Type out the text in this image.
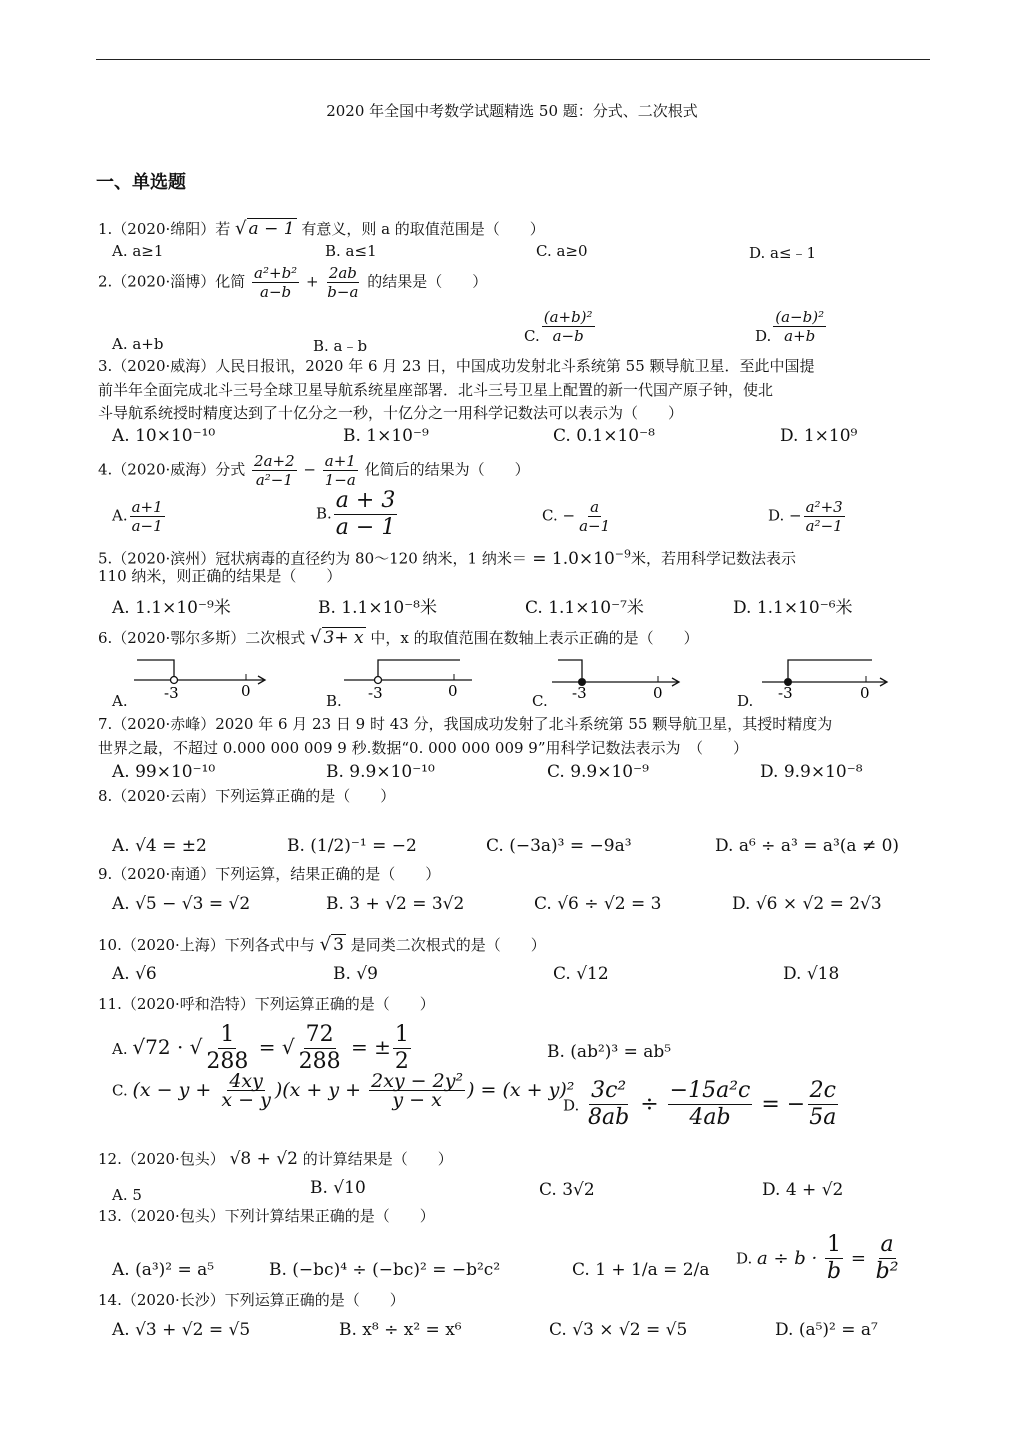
2020 年全国中考数学试题精选 50 题：分式、二次根式
一、单选题
1.（2020·绵阳）若 √ a − 1 有意义，则 a 的取值范围是（　　）
A. a≥1	B. a≤1	C. a≥0	D. a≤﹣1
2.（2020·淄博）化简 $\frac{\text{a²+b²}}{a-b} + \frac{2ab}{b-a}$ 的结果是（　　）
A. a+b	B. a﹣b
C. $\frac{\text{(a+b)²}}{a-b}$	D. $\frac{\text{(a−b)²}}{a+b}$
3.（2020·威海）人民日报讯，2020 年 6 月 23 日，中国成功发射北斗系统第 55 颗导航卫星．至此中国提
前半年全面完成北斗三号全球卫星导航系统星座部署．北斗三号卫星上配置的新一代国产原子钟，使北
斗导航系统授时精度达到了十亿分之一秒，十亿分之一用科学记数法可以表示为（　　）
A. 10×10⁻¹⁰	B. 1×10⁻⁹	C. 0.1×10⁻⁸	D. 1×10⁹
4.（2020·威海）分式 $\frac{2a+2}{\text{a²−1}} - \frac{a+1}{1-a}$ 化简后的结果为（　　）
A. $\frac{a+1}{a-1}$	B. $\frac{a + 3}{a - 1}$	C. − $\frac{a}{a-1}$	D. − $\frac{\text{a²+3}}{\text{a²−1}}$
5.（2020·滨州）冠状病毒的直径约为 80～120 纳米，1 纳米＝ = $1.0\times 10^{-9}$米，若用科学记数法表示
110 纳米，则正确的结果是（　　）
A. 1.1×10⁻⁹米	B. 1.1×10⁻⁸米	C. 1.1×10⁻⁷米	D. 1.1×10⁻⁶米
6.（2020·鄂尔多斯）二次根式 √ 3+ x 中，x 的取值范围在数轴上表示正确的是（　　）
A.	B.	C.	D.
-3	0	-3	0	-3	0	-3	0
7.（2020·赤峰）2020 年 6 月 23 日 9 时 43 分，我国成功发射了北斗系统第 55 颗导航卫星，其授时精度为
世界之最，不超过 0.000 000 009 9 秒.数据“0. 000 000 009 9”用科学记数法表示为　（　　）
A. 99×10⁻¹⁰	B. 9.9×10⁻¹⁰	C. 9.9×10⁻⁹	D. 9.9×10⁻⁸
8.（2020·云南）下列运算正确的是（　　）
A. √4 = ±2	B. (1/2)⁻¹ = −2	C. (−3a)³ = −9a³	D. a⁶ ÷ a³ = a³(a ≠ 0)
9.（2020·南通）下列运算，结果正确的是（　　）
A. √5 − √3 = √2	B. 3 + √2 = 3√2	C. √6 ÷ √2 = 3	D. √6 × √2 = 2√3
10.（2020·上海）下列各式中与 √ 3 是同类二次根式的是（　　）
A. √6	B. √9	C. √12	D. √18
11.（2020·呼和浩特）下列运算正确的是（　　）
A. √72 · √ $\frac{1}{288}$ = √ $\frac{72}{288}$ = ± $\frac{1}{2}$	B. (ab²)³ = ab⁵
C. $(x - y + \frac{4xy}{x - y} )(x + y + \frac{\text{2xy − 2y²}}{y - x}$ ) = (x + y)²
D. $\frac{\text{3c²}}{8ab} \div \frac{\text{−15a²c}}{4ab}$ = − $\frac{2c}{5a}$
12.（2020·包头） √8 + √2 的计算结果是（　　）
A. 5	B. √10	C. 3√2	D. 4 + √2
13.（2020·包头）下列计算结果正确的是（　　）
A. (a³)² = a⁵	B. (−bc)⁴ ÷ (−bc)² = −b²c²	C. 1 + 1/a = 2/a
D. $a \div b \cdot \frac{1}{b} = \frac{a}{\text{b²}}$
14.（2020·长沙）下列运算正确的是（　　）
A. √3 + √2 = √5	B. x⁸ ÷ x² = x⁶	C. √3 × √2 = √5	D. (a⁵)² = a⁷
